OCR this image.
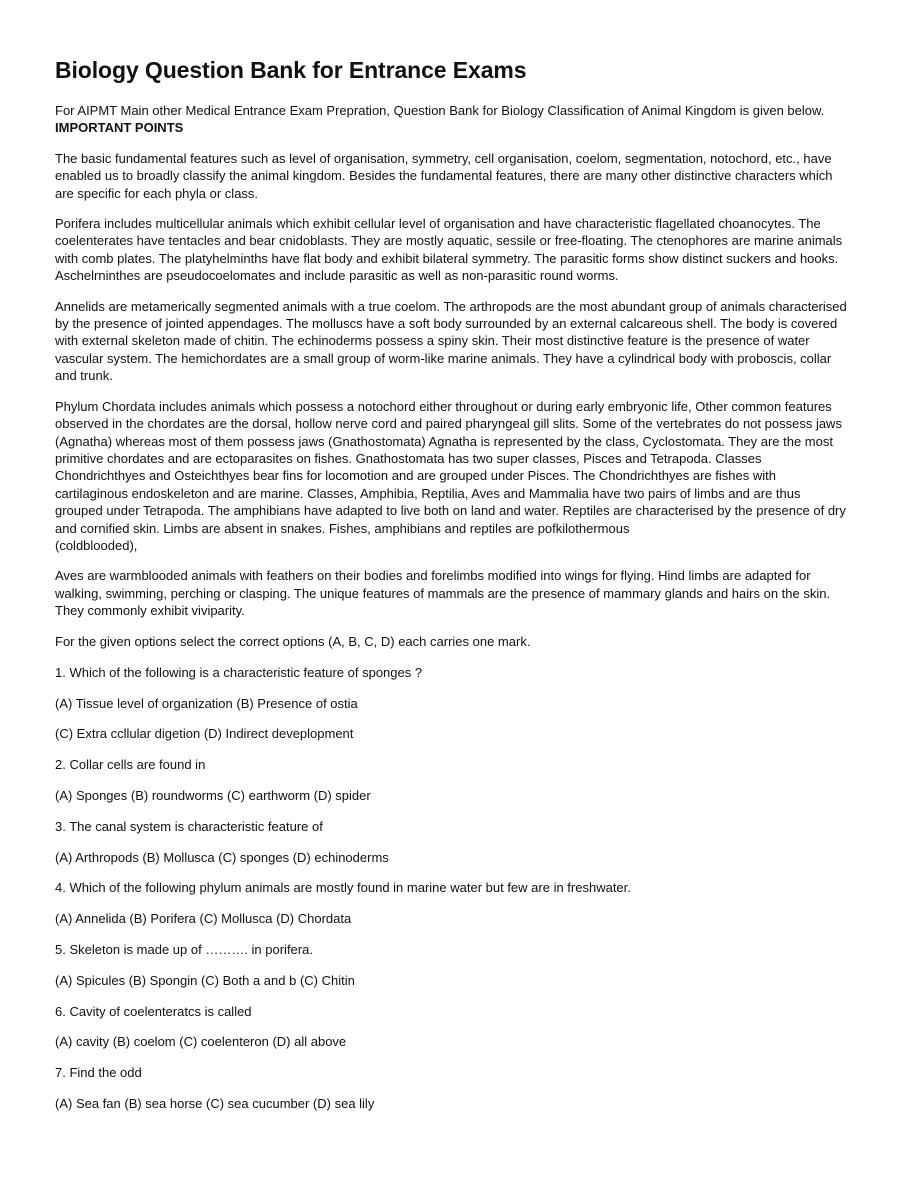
Biology Question Bank for Entrance Exams

For AIPMT Main other Medical Entrance Exam Prepration, Question Bank for Biology Classification of Animal Kingdom is given below.

IMPORTANT POINTS

The basic fundamental features such as level of organisation, symmetry, cell organisation, coelom, segmentation, notochord, etc., have enabled us to broadly classify the animal kingdom. Besides the fundamental features, there are many other distinctive characters which are specific for each phyla or class.

Porifera includes multicellular animals which exhibit cellular level of organisation and have characteristic flagellated choanocytes. The coelenterates have tentacles and bear cnidoblasts. They are mostly aquatic, sessile or free-floating. The ctenophores are marine animals with comb plates. The platyhelminths have flat body and exhibit bilateral symmetry. The parasitic forms show distinct suckers and hooks. Aschelrninthes are pseudocoelomates and include parasitic as well as non-parasitic round worms.

Annelids are metamerically segmented animals with a true coelom. The arthropods are the most abundant group of animals characterised by the presence of jointed appendages. The molluscs have a soft body surrounded by an external calcareous shell. The body is covered with external skeleton made of chitin. The echinoderms possess a spiny skin. Their most distinctive feature is the presence of water vascular system. The hemichordates are a small group of worm-like marine animals. They have a cylindrical body with proboscis, collar and trunk.

Phylum Chordata includes animals which possess a notochord either throughout or during early embryonic life, Other common features observed in the chordates are the dorsal, hollow nerve cord and paired pharyngeal gill slits. Some of the vertebrates do not possess jaws (Agnatha) whereas most of them possess jaws (Gnathostomata) Agnatha is represented by the class, Cyclostomata. They are the most primitive chordates and are ectoparasites on fishes. Gnathostomata has two super classes, Pisces and Tetrapoda. Classes Chondrichthyes and Osteichthyes bear fins for locomotion and are grouped under Pisces. The Chondrichthyes are fishes with cartilaginous endoskeleton and are marine. Classes, Amphibia, Reptilia, Aves and Mammalia have two pairs of limbs and are thus grouped under Tetrapoda. The amphibians have adapted to live both on land and water. Reptiles are characterised by the presence of dry and cornified skin. Limbs are absent in snakes. Fishes, amphibians and reptiles are pofkilothermous

(coldblooded),

Aves are warmblooded animals with feathers on their bodies and forelimbs modified into wings for flying. Hind limbs are adapted for walking, swimming, perching or clasping. The unique features of mammals are the presence of mammary glands and hairs on the skin. They commonly exhibit viviparity.

For the given options select the correct options (A, B, C, D) each carries one mark.

1. Which of the following is a characteristic feature of sponges ?

(A) Tissue level of organization (B) Presence of ostia

(C) Extra ccllular digetion (D) Indirect deveplopment

2. Collar cells are found in

(A) Sponges (B) roundworms (C) earthworm (D) spider

3. The canal system is characteristic feature of

(A) Arthropods (B) Mollusca (C) sponges (D) echinoderms

4. Which of the following phylum animals are mostly found in marine water but few are in freshwater.

(A) Annelida (B) Porifera (C) Mollusca (D) Chordata

5. Skeleton is made up of ………. in porifera.

(A) Spicules (B) Spongin (C) Both a and b (C) Chitin

6. Cavity of coelenteratcs is called

(A) cavity (B) coelom (C) coelenteron (D) all above

7. Find the odd

(A) Sea fan (B) sea horse (C) sea cucumber (D) sea lily
